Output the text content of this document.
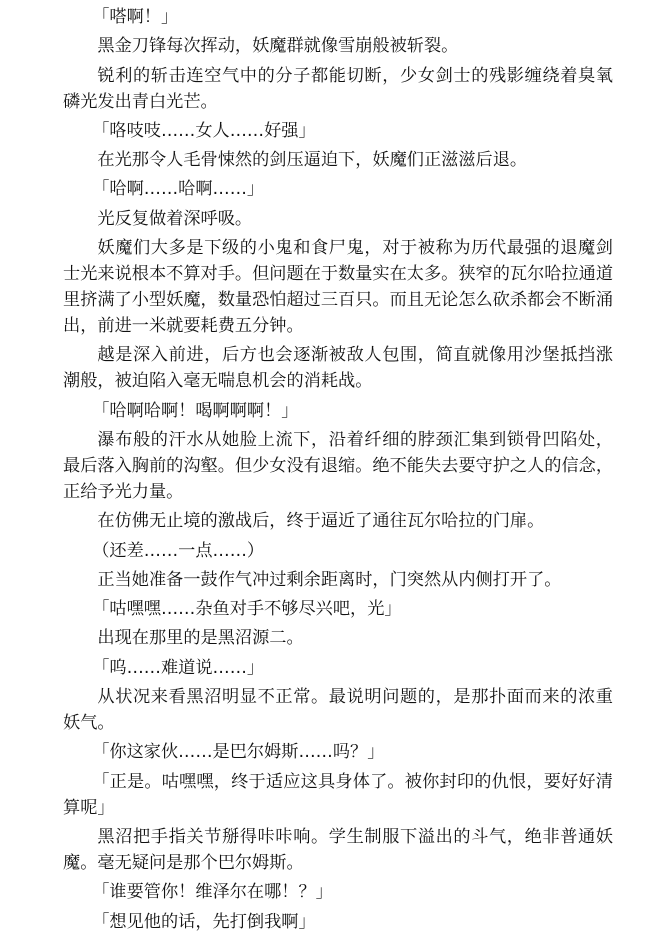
「嗒啊！」

黑金刀锋每次挥动，妖魔群就像雪崩般被斩裂。

锐利的斩击连空气中的分子都能切断，少女剑士的残影缠绕着臭氧磷光发出青白光芒。

「咯吱吱……女人……好强」

在光那令人毛骨悚然的剑压逼迫下，妖魔们正滋滋后退。

「哈啊……哈啊……」

光反复做着深呼吸。

妖魔们大多是下级的小鬼和食尸鬼，对于被称为历代最强的退魔剑士光来说根本不算对手。但问题在于数量实在太多。狭窄的瓦尔哈拉通道里挤满了小型妖魔，数量恐怕超过三百只。而且无论怎么砍杀都会不断涌出，前进一米就要耗费五分钟。

越是深入前进，后方也会逐渐被敌人包围，简直就像用沙堡抵挡涨潮般，被迫陷入毫无喘息机会的消耗战。

「哈啊哈啊！喝啊啊啊！」

瀑布般的汗水从她脸上流下，沿着纤细的脖颈汇集到锁骨凹陷处，最后落入胸前的沟壑。但少女没有退缩。绝不能失去要守护之人的信念，正给予光力量。

在仿佛无止境的激战后，终于逼近了通往瓦尔哈拉的门扉。

（还差……一点……）

正当她准备一鼓作气冲过剩余距离时，门突然从内侧打开了。

「咕嘿嘿……杂鱼对手不够尽兴吧，光」

出现在那里的是黑沼源二。

「呜……难道说……」

从状况来看黑沼明显不正常。最说明问题的，是那扑面而来的浓重妖气。

「你这家伙……是巴尔姆斯……吗？」

「正是。咕嘿嘿，终于适应这具身体了。被你封印的仇恨，要好好清算呢」

黑沼把手指关节掰得咔咔响。学生制服下溢出的斗气，绝非普通妖魔。毫无疑问是那个巴尔姆斯。

「谁要管你！维泽尔在哪！？」

「想见他的话，先打倒我啊」
